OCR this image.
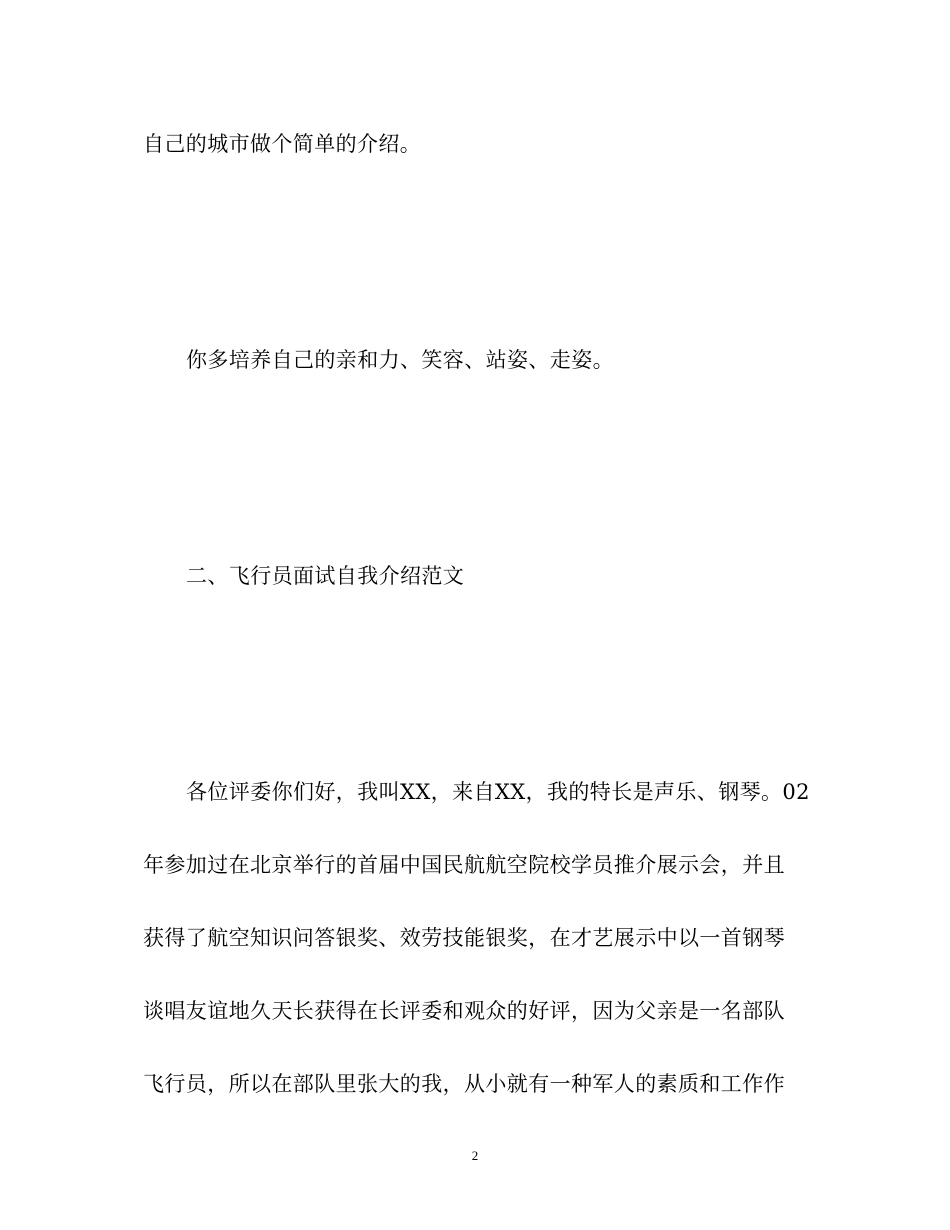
自己的城市做个简单的介绍。
你多培养自己的亲和力、笑容、站姿、走姿。
二、飞行员面试自我介绍范文
各位评委你们好，我叫XX，来自XX，我的特长是声乐、钢琴。02
年参加过在北京举行的首届中国民航航空院校学员推介展示会，并且
获得了航空知识问答银奖、效劳技能银奖，在才艺展示中以一首钢琴
谈唱友谊地久天长获得在长评委和观众的好评，因为父亲是一名部队
飞行员，所以在部队里张大的我，从小就有一种军人的素质和工作作
2
